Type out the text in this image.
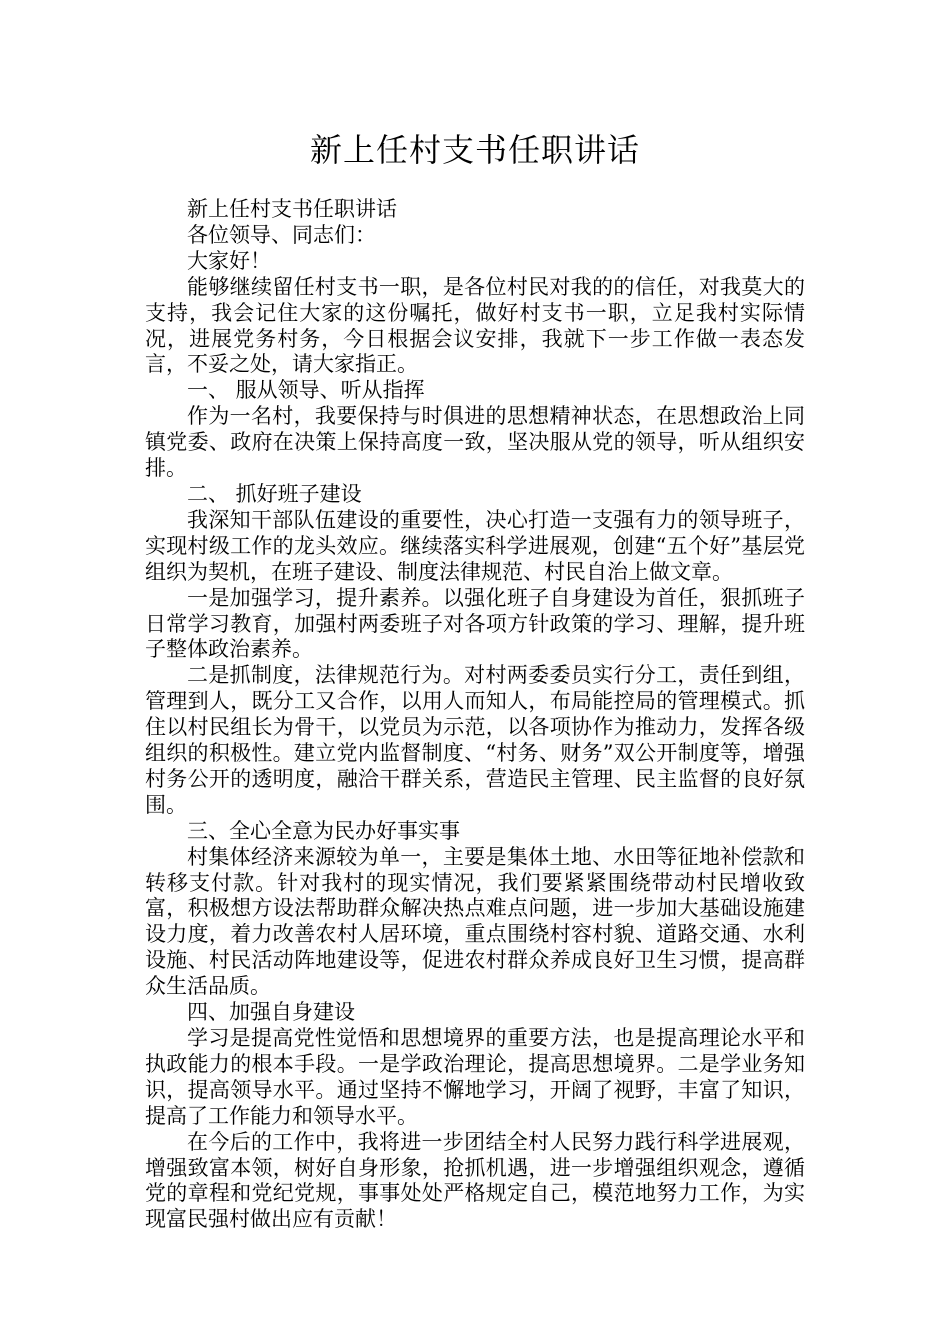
新上任村支书任职讲话

新上任村支书任职讲话

各位领导、同志们：

大家好！

能够继续留任村支书一职，是各位村民对我的的信任，对我莫大的支持，我会记住大家的这份嘱托，做好村支书一职，立足我村实际情况，进展党务村务，今日根据会议安排，我就下一步工作做一表态发言，不妥之处，请大家指正。

一、 服从领导、听从指挥

作为一名村，我要保持与时俱进的思想精神状态，在思想政治上同镇党委、政府在决策上保持高度一致，坚决服从党的领导，听从组织安排。

二、 抓好班子建设

我深知干部队伍建设的重要性，决心打造一支强有力的领导班子，实现村级工作的龙头效应。继续落实科学进展观，创建“五个好”基层党组织为契机，在班子建设、制度法律规范、村民自治上做文章。

一是加强学习，提升素养。以强化班子自身建设为首任，狠抓班子日常学习教育，加强村两委班子对各项方针政策的学习、理解，提升班子整体政治素养。

二是抓制度，法律规范行为。对村两委委员实行分工，责任到组，管理到人，既分工又合作，以用人而知人，布局能控局的管理模式。抓住以村民组长为骨干，以党员为示范，以各项协作为推动力，发挥各级组织的积极性。建立党内监督制度、“村务、财务”双公开制度等，增强村务公开的透明度，融洽干群关系，营造民主管理、民主监督的良好氛围。

三、全心全意为民办好事实事

村集体经济来源较为单一，主要是集体土地、水田等征地补偿款和转移支付款。针对我村的现实情况，我们要紧紧围绕带动村民增收致富，积极想方设法帮助群众解决热点难点问题，进一步加大基础设施建设力度，着力改善农村人居环境，重点围绕村容村貌、道路交通、水利设施、村民活动阵地建设等，促进农村群众养成良好卫生习惯，提高群众生活品质。

四、加强自身建设

学习是提高党性觉悟和思想境界的重要方法，也是提高理论水平和执政能力的根本手段。一是学政治理论，提高思想境界。二是学业务知识，提高领导水平。通过坚持不懈地学习，开阔了视野，丰富了知识，提高了工作能力和领导水平。

在今后的工作中，我将进一步团结全村人民努力践行科学进展观，增强致富本领，树好自身形象，抢抓机遇，进一步增强组织观念，遵循党的章程和党纪党规，事事处处严格规定自己，模范地努力工作，为实现富民强村做出应有贡献！
